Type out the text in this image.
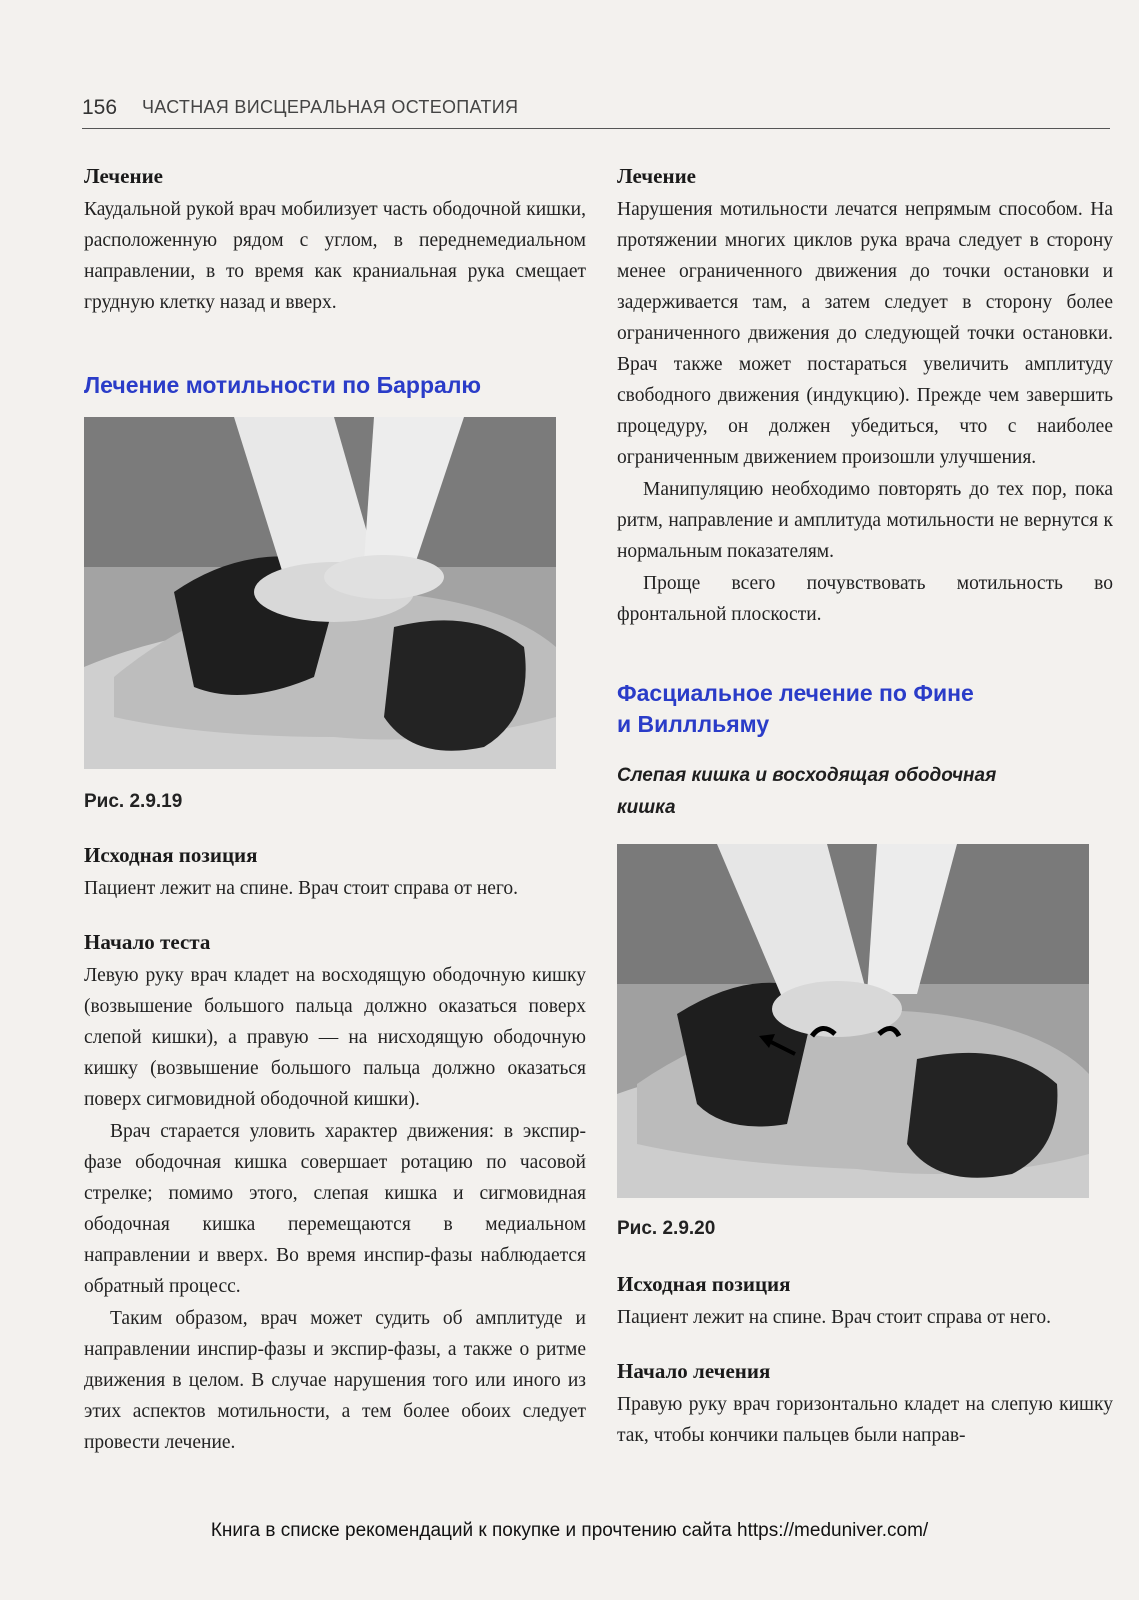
156 ЧАСТНАЯ ВИСЦЕРАЛЬНАЯ ОСТЕОПАТИЯ
Лечение

Каудальной рукой врач мобилизует часть ободочной кишки, расположенную рядом с углом, в переднемедиальном направлении, в то время как краниальная рука смещает грудную клетку назад и вверх.

Лечение мотильности по Барралю

Рис. 2.9.19

Исходная позиция

Пациент лежит на спине. Врач стоит справа от него.

Начало теста

Левую руку врач кладет на восходящую ободочную кишку (возвышение большого пальца должно оказаться поверх слепой кишки), а правую — на нисходящую ободочную кишку (возвышение большого пальца должно оказаться поверх сигмовидной ободочной кишки).

Врач старается уловить характер движения: в экспир-фазе ободочная кишка совершает ротацию по часовой стрелке; помимо этого, слепая кишка и сигмовидная ободочная кишка перемещаются в медиальном направлении и вверх. Во время инспир-фазы наблюдается обратный процесс.

Таким образом, врач может судить об амплитуде и направлении инспир-фазы и экспир-фазы, а также о ритме движения в целом. В случае нарушения того или иного из этих аспектов мотильности, а тем более обоих следует провести лечение.

Лечение

Нарушения мотильности лечатся непрямым способом. На протяжении многих циклов рука врача следует в сторону менее ограниченного движения до точки остановки и задерживается там, а затем следует в сторону более ограниченного движения до следующей точки остановки. Врач также может постараться увеличить амплитуду свободного движения (индукцию). Прежде чем завершить процедуру, он должен убедиться, что с наиболее ограниченным движением произошли улучшения.

Манипуляцию необходимо повторять до тех пор, пока ритм, направление и амплитуда мотильности не вернутся к нормальным показателям.

Проще всего почувствовать мотильность во фронтальной плоскости.

Фасциальное лечение по Фине
и Виллльяму

Слепая кишка и восходящая ободочная
кишка

Рис. 2.9.20

Исходная позиция

Пациент лежит на спине. Врач стоит справа от него.

Начало лечения

Правую руку врач горизонтально кладет на слепую кишку так, чтобы кончики пальцев были направ-

Книга в списке рекомендаций к покупке и прочтению сайта https://meduniver.com/
